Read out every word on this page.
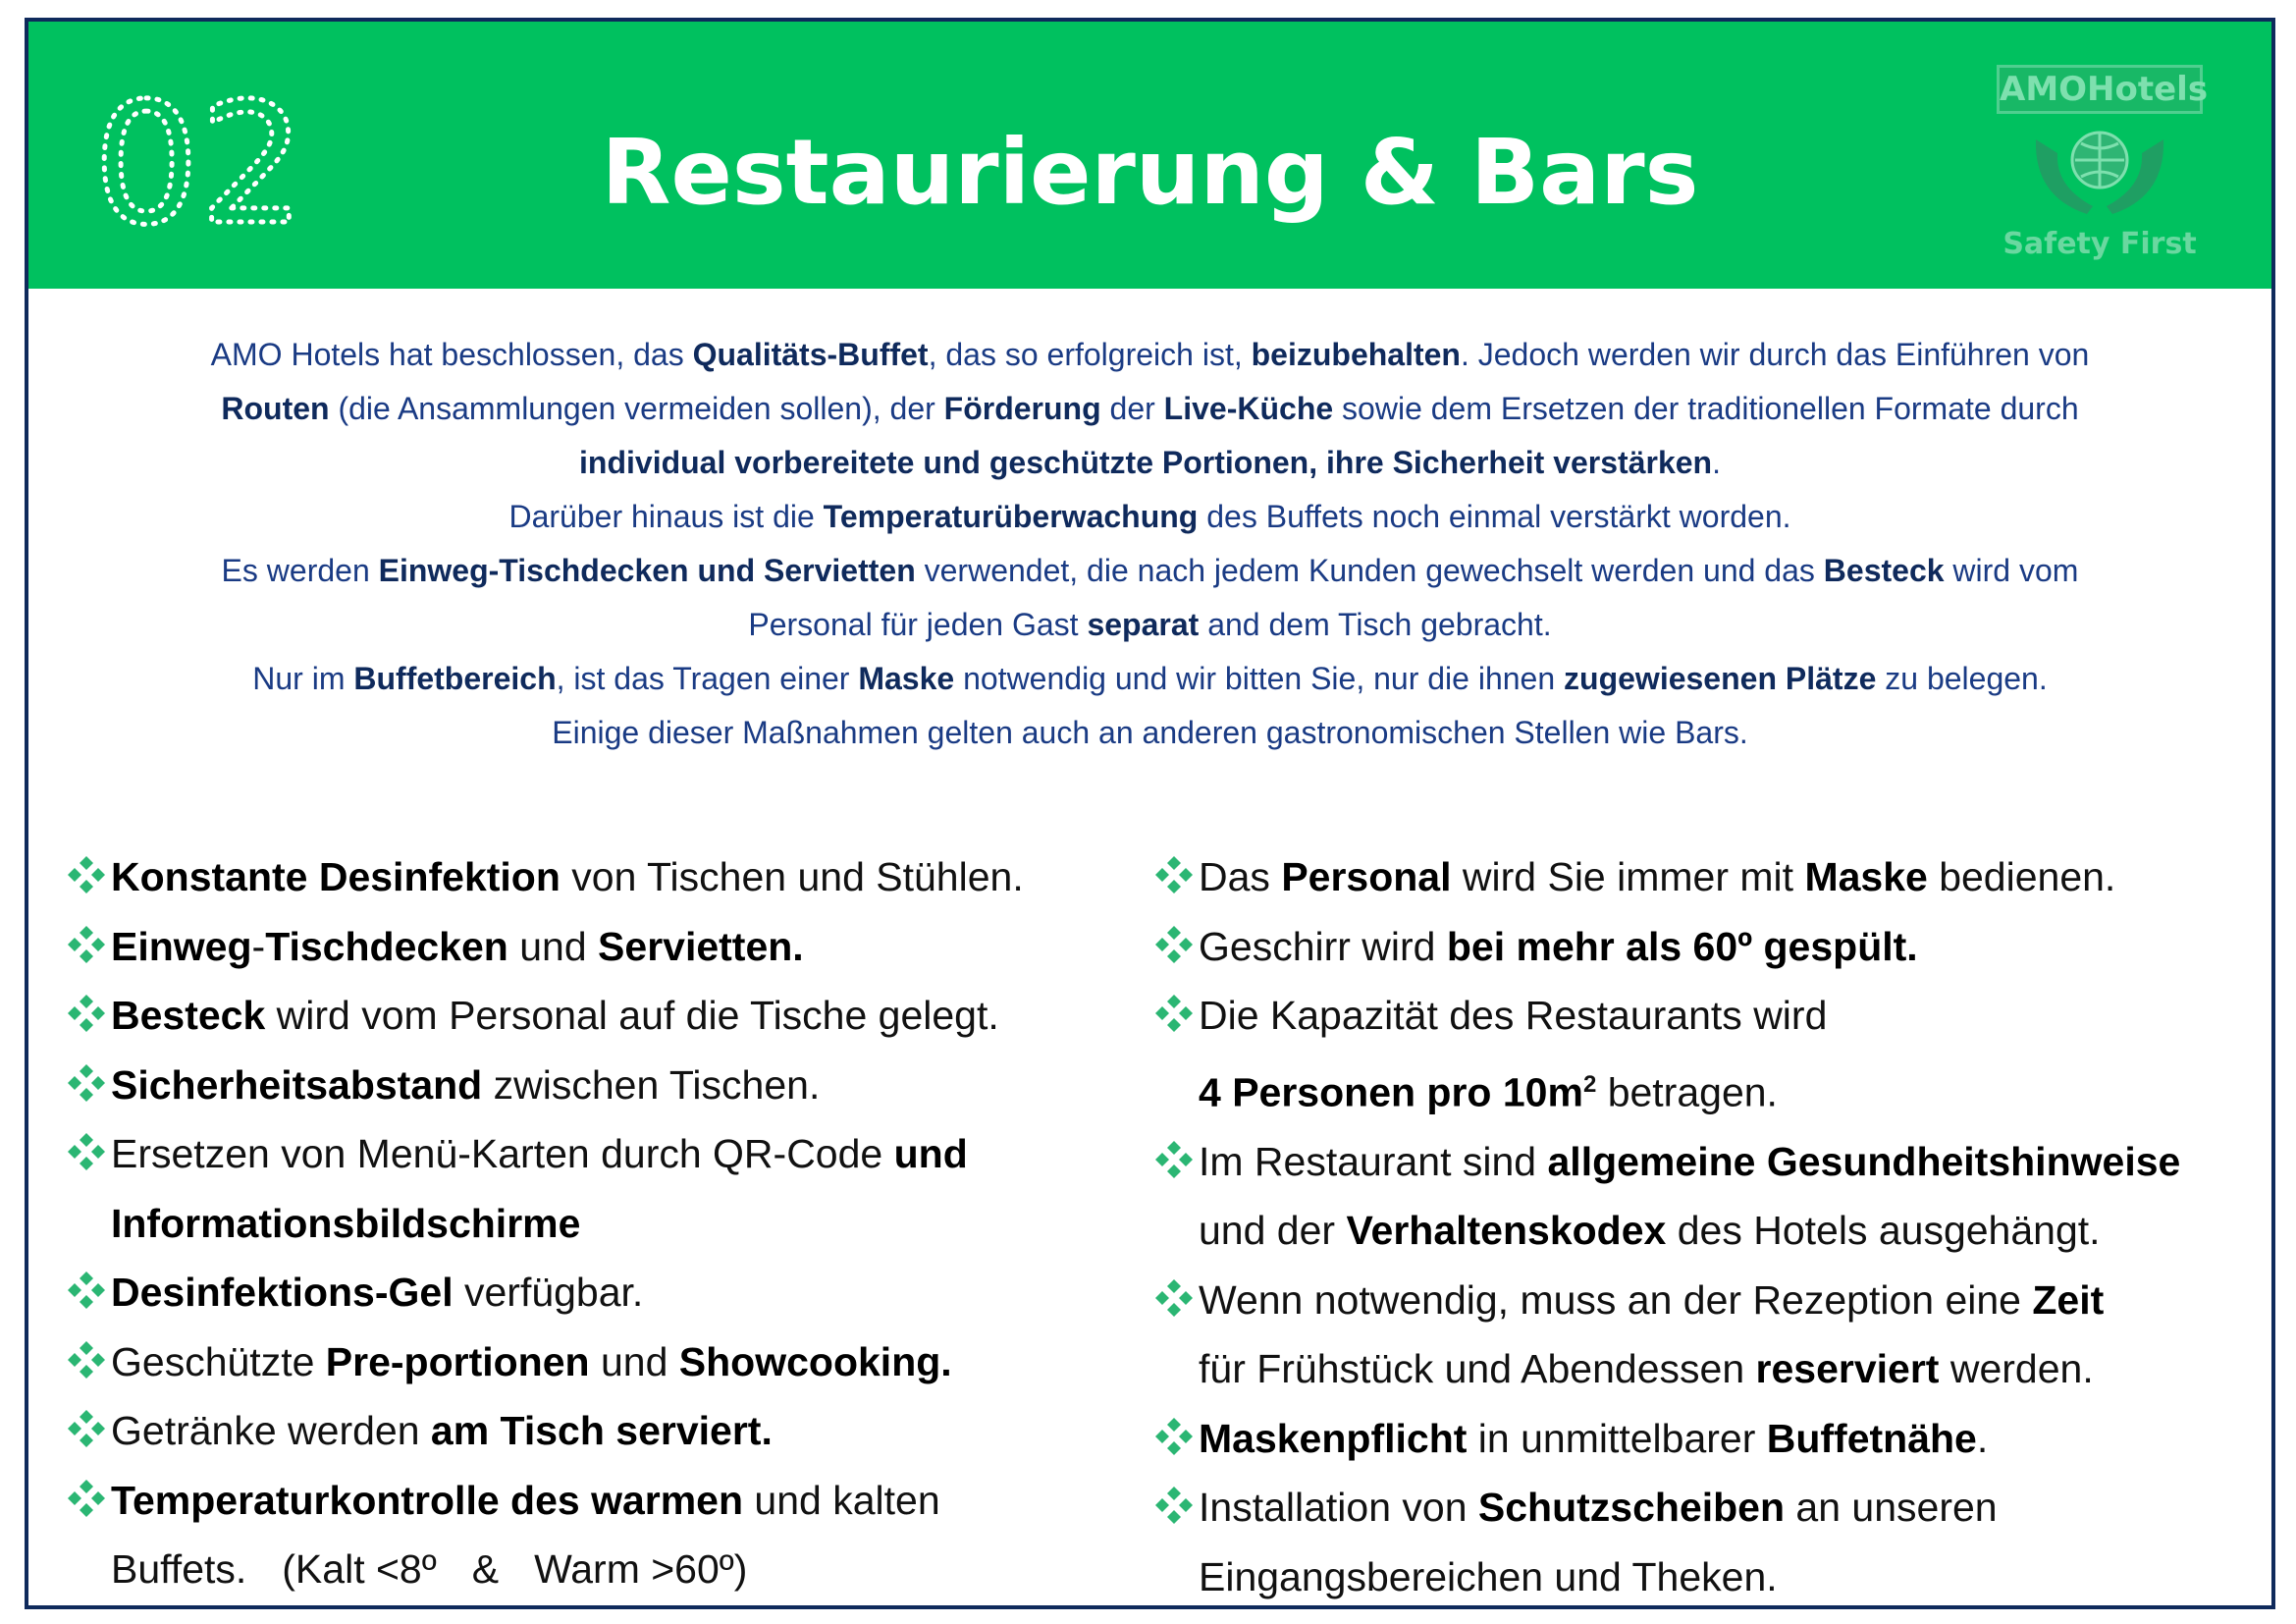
02	Restaurierung & Bars
AMOHotels
Safety First

AMO Hotels hat beschlossen, das Qualitäts-Buffet, das so erfolgreich ist, beizubehalten. Jedoch werden wir durch das Einführen von

Routen (die Ansammlungen vermeiden sollen), der Förderung der Live-Küche sowie dem Ersetzen der traditionellen Formate durch

individual vorbereitete und geschützte Portionen, ihre Sicherheit verstärken.

Darüber hinaus ist die Temperaturüberwachung des Buffets noch einmal verstärkt worden.

Es werden Einweg-Tischdecken und Servietten verwendet, die nach jedem Kunden gewechselt werden und das Besteck wird vom

Personal für jeden Gast separat and dem Tisch gebracht.

Nur im Buffetbereich, ist das Tragen einer Maske notwendig und wir bitten Sie, nur die ihnen zugewiesenen Plätze zu belegen.

Einige dieser Maßnahmen gelten auch an anderen gastronomischen Stellen wie Bars.

Konstante Desinfektion von Tischen und Stühlen.
Einweg-Tischdecken und Servietten.
Besteck wird vom Personal auf die Tische gelegt.
Sicherheitsabstand zwischen Tischen.
Ersetzen von Menü-Karten durch QR-Code und
Informationsbildschirme
Desinfektions-Gel verfügbar.
Geschützte Pre-portionen und Showcooking.
Getränke werden am Tisch serviert.
Temperaturkontrolle des warmen und kalten
Buffets. (Kalt <8º & Warm >60º)
Das Personal wird Sie immer mit Maske bedienen.
Geschirr wird bei mehr als 60º gespült.
Die Kapazität des Restaurants wird
4 Personen pro $10m^2$ betragen.
Im Restaurant sind allgemeine Gesundheitshinweise
und der Verhaltenskodex des Hotels ausgehängt.
Wenn notwendig, muss an der Rezeption eine Zeit
für Frühstück und Abendessen reserviert werden.
Maskenpflicht in unmittelbarer Buffetnähe.
Installation von Schutzscheiben an unseren
Eingangsbereichen und Theken.
